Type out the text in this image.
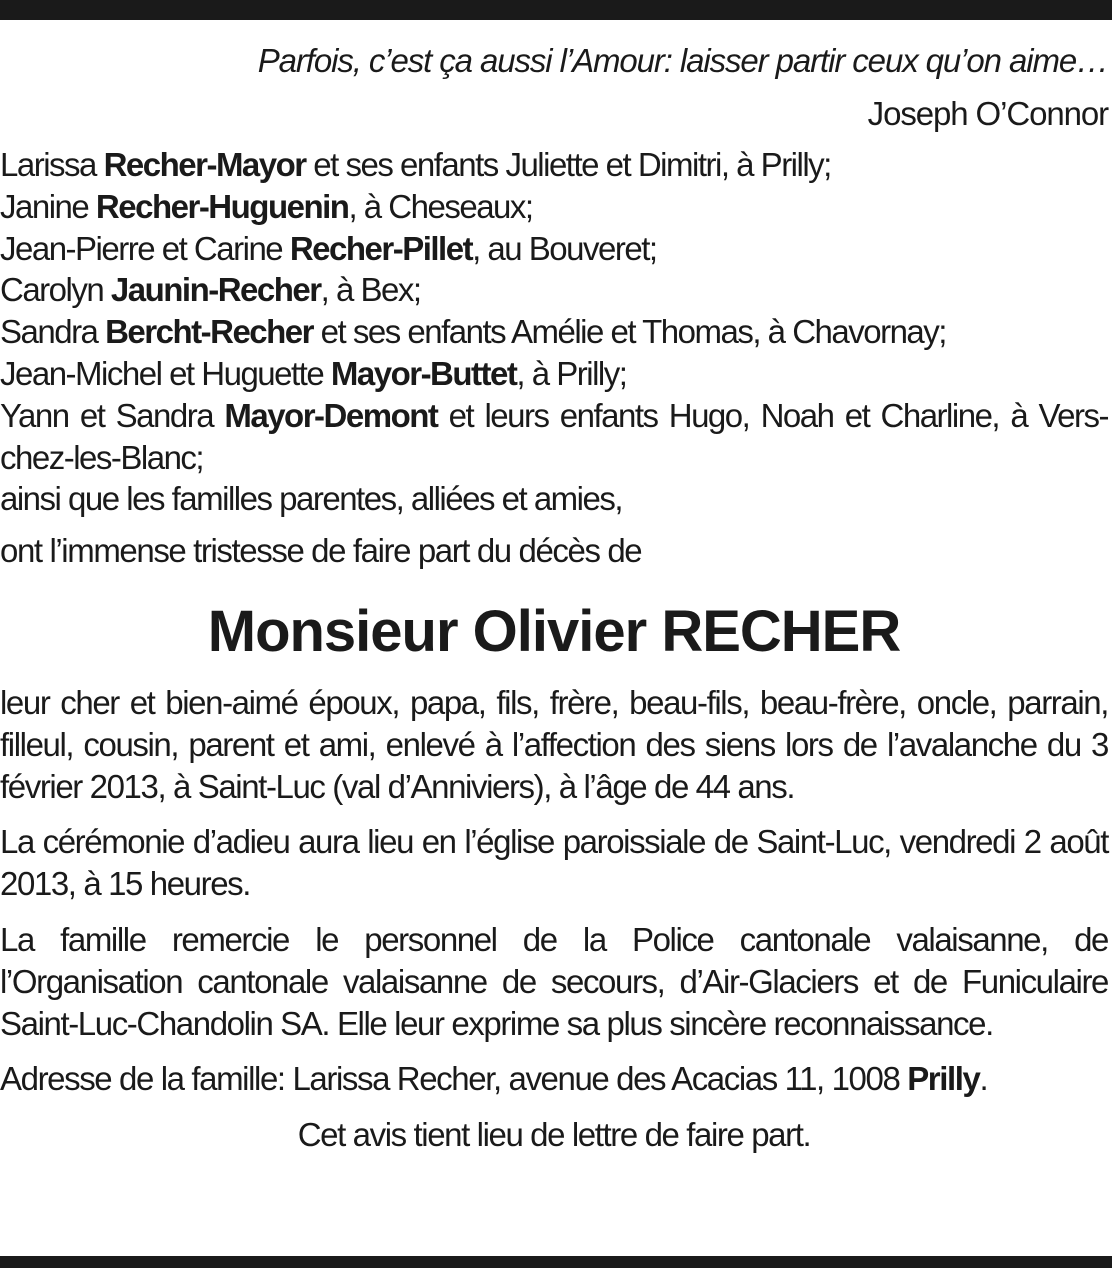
Parfois, c’est ça aussi l’Amour: laisser partir ceux qu’on aime…

Joseph O’Connor

Larissa Recher-Mayor et ses enfants Juliette et Dimitri, à Prilly;
Janine Recher-Huguenin, à Cheseaux;
Jean-Pierre et Carine Recher-Pillet, au Bouveret;
Carolyn Jaunin-Recher, à Bex;
Sandra Bercht-Recher et ses enfants Amélie et Thomas, à Chavornay;
Jean-Michel et Huguette Mayor-Buttet, à Prilly;
Yann et Sandra Mayor-Demont et leurs enfants Hugo, Noah et Charline, à Vers-chez-les-Blanc;
ainsi que les familles parentes, alliées et amies,

ont l’immense tristesse de faire part du décès de

Monsieur Olivier RECHER

leur cher et bien-aimé époux, papa, fils, frère, beau-fils, beau-frère, oncle, parrain, filleul, cousin, parent et ami, enlevé à l’affection des siens lors de l’avalanche du 3 février 2013, à Saint-Luc (val d’Anniviers), à l’âge de 44 ans.

La cérémonie d’adieu aura lieu en l’église paroissiale de Saint-Luc, vendredi 2 août 2013, à 15 heures.

La famille remercie le personnel de la Police cantonale valaisanne, de l’Organisation cantonale valaisanne de secours, d’Air-Glaciers et de Funiculaire Saint-Luc-Chandolin SA. Elle leur exprime sa plus sincère reconnaissance.

Adresse de la famille: Larissa Recher, avenue des Acacias 11, 1008 Prilly.

Cet avis tient lieu de lettre de faire part.
